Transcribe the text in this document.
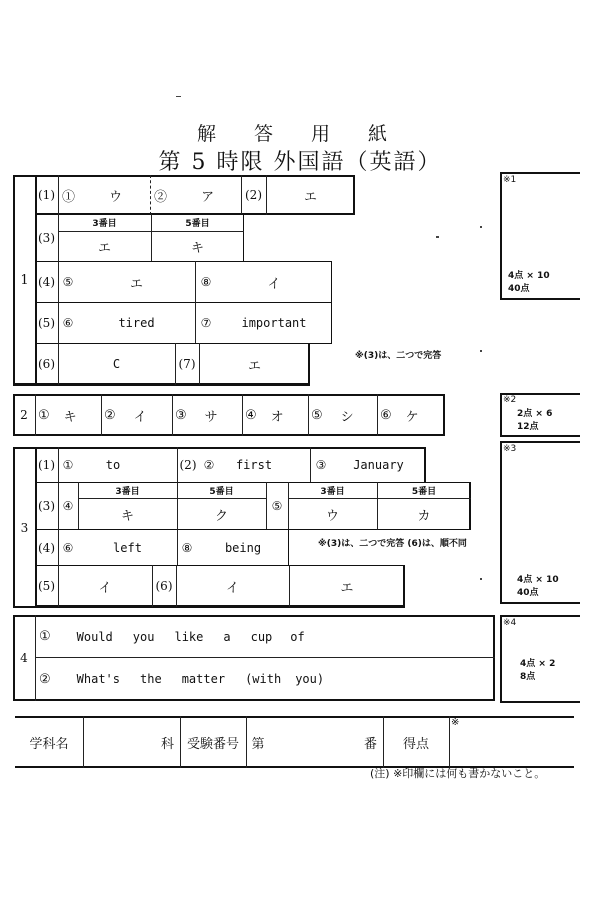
解 答 用 紙
第 5 時限 外国語（英語）
1
(1) ① ウ	② ア	(2)	エ
(3)
3番目	5番目
エ	キ
(4) ⑤	エ	⑧	イ
(5) ⑥	tired	⑦	important
(6)	C	(7)	エ
※(3)は、二つで完答
2 ① キ ② イ ③ サ ④ オ ⑤ シ ⑥ ケ
3
(1) ①	to	(2) ②	first	③	January
(3) ④
3番目	5番目
キ	ク
⑤
3番目	5番目
ウ	カ
(4) ⑥	left	⑧	being	※(3)は、二つで完答 (6)は、順不同
(5)	イ	(6)	イ	エ
4
① Would you like a cup of
② What's the matter (with you)
※1
4点 × 10
40点
※2
2点 × 6
12点
※3
4点 × 10
40点
※4
4点 × 2
8点
学科名	科 受験番号 第	番	得点
※
(注) ※印欄には何も書かないこと。
